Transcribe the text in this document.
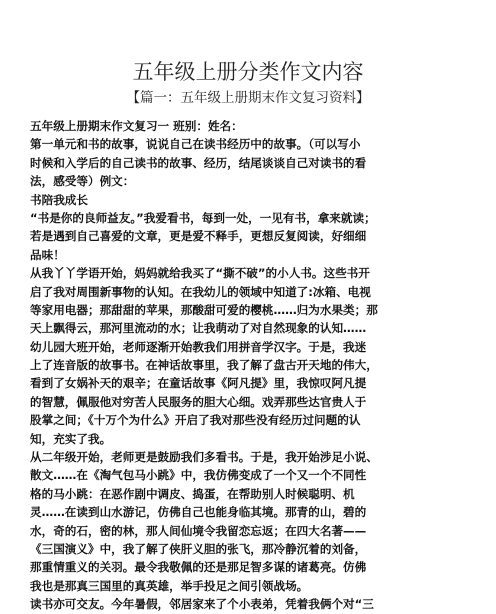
五年级上册分类作文内容
【篇一：五年级上册期末作文复习资料】
五年级上册期末作文复习一 班别：姓名：
第一单元和书的故事，说说自己在读书经历中的故事。（可以写小
时候和入学后的自己读书的故事、经历，结尾谈谈自己对读书的看
法，感受等）例文：
书陪我成长
“书是你的良师益友。”我爱看书，每到一处，一见有书，拿来就读；
若是遇到自己喜爱的文章，更是爱不释手，更想反复阅读，好细细
品味！
从我丫丫学语开始，妈妈就给我买了“撕不破”的小人书。这些书开
启了我对周围新事物的认知。在我幼儿的领域中知道了:冰箱、电视
等家用电器；那甜甜的苹果，那酸甜可爱的樱桃……归为水果类；那
天上飘得云，那河里流动的水；让我萌动了对自然现象的认知……
幼儿园大班开始，老师逐渐开始教我们用拼音学汉字。于是，我迷
上了连音版的故事书。在神话故事里，我了解了盘古开天地的伟大，
看到了女娲补天的艰辛；在童话故事《阿凡提》里，我惊叹阿凡提
的智慧，佩服他对穷苦人民服务的胆大心细。戏弄那些达官贵人于
股掌之间；《十万个为什么》开启了我对那些没有经历过问题的认
知，充实了我。
从二年级开始，老师更是鼓励我们多看书。于是，我开始涉足小说、
散文……在《淘气包马小跳》中，我仿佛变成了一个又一个不同性
格的马小跳：在恶作剧中调皮、捣蛋，在帮助别人时候聪明、机
灵……在读到山水游记，仿佛自己也能身临其境。那青的山，碧的
水，奇的石，密的林，那人间仙境令我留恋忘返；在四大名著——
《三国演义》中，我了解了侠肝义胆的张飞，那冷静沉着的刘备，
那重情重义的关羽。最令我敬佩的还是那足智多谋的诸葛亮。仿佛
我也是那真三国里的真英雄，举手投足之间引领战场。
读书亦可交友。今年暑假，邻居家来了个小表弟，凭着我俩个对“三
